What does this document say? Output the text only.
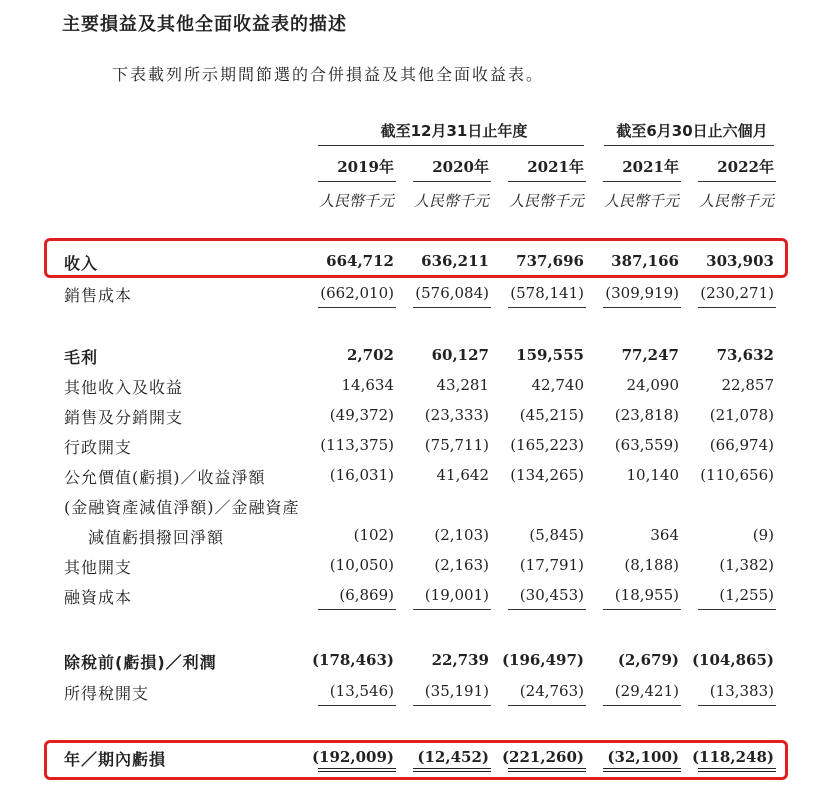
主要損益及其他全面收益表的描述
下表載列所示期間節選的合併損益及其他全面收益表。
截至12月31日止年度	截至6月30日止六個月
2019年	2020年	2021年	2021年	2022年
人民幣千元	人民幣千元	人民幣千元	人民幣千元	人民幣千元
收入	664,712	636,211	737,696	387,166	303,903
銷售成本	(662,010)	(576,084)	(578,141)	(309,919)	(230,271)
毛利	2,702	60,127	159,555	77,247	73,632
其他收入及收益	14,634	43,281	42,740	24,090	22,857
銷售及分銷開支	(49,372)	(23,333)	(45,215)	(23,818)	(21,078)
行政開支	(113,375)	(75,711)	(165,223)	(63,559)	(66,974)
公允價值(虧損)／收益淨額	(16,031)	41,642	(134,265)	10,140	(110,656)
(金融資產減值淨額)／金融資產
減值虧損撥回淨額	(102)	(2,103)	(5,845)	364	(9)
其他開支	(10,050)	(2,163)	(17,791)	(8,188)	(1,382)
融資成本	(6,869)	(19,001)	(30,453)	(18,955)	(1,255)
除稅前(虧損)／利潤	(178,463)	22,739 (196,497)	(2,679) (104,865)
所得稅開支	(13,546)	(35,191)	(24,763)	(29,421)	(13,383)
年／期內虧損	(192,009)	(12,452) (221,260)	(32,100) (118,248)
